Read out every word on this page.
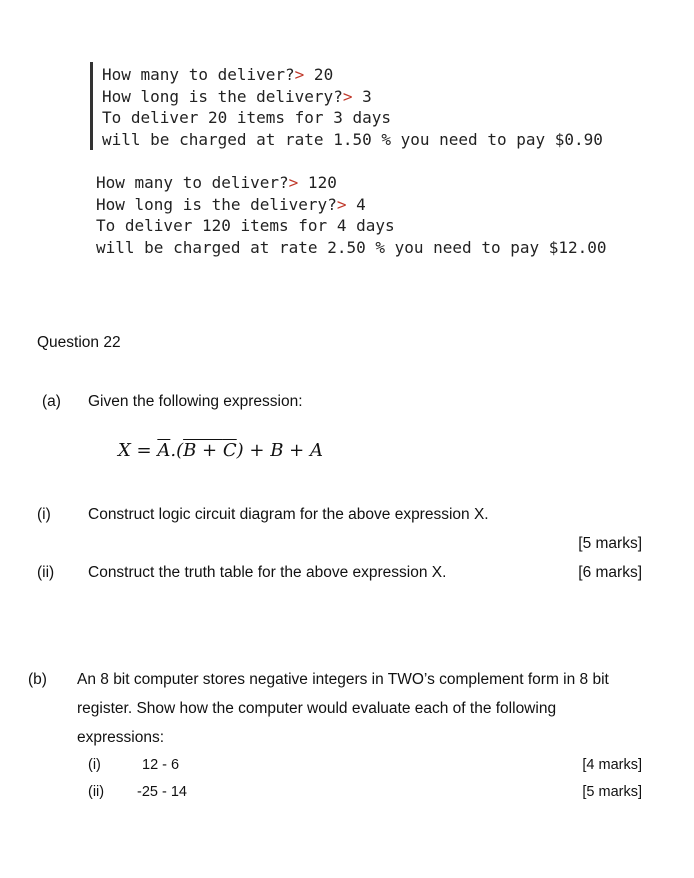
How many to deliver?> 20
How long is the delivery?> 3
To deliver 20 items for 3 days
will be charged at rate 1.50 % you need to pay $0.90
How many to deliver?> 120
How long is the delivery?> 4
To deliver 120 items for 4 days
will be charged at rate 2.50 % you need to pay $12.00
Question 22
(a) Given the following expression:
$X = \overline{A}.(B + C) + B + A$
(i) Construct logic circuit diagram for the above expression X.
[5 marks]
(ii) Construct the truth table for the above expression X.	[6 marks]
(b) An 8 bit computer stores negative integers in TWO’s complement form in 8 bit
register. Show how the computer would evaluate each of the following
expressions:
(i)	12 - 6	[4 marks]
(ii) -25 - 14	[5 marks]
